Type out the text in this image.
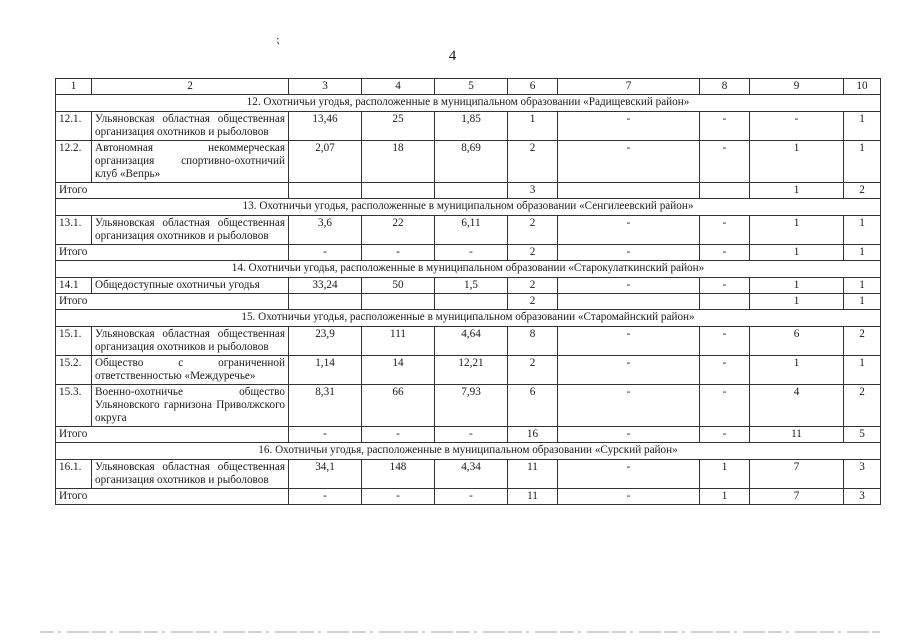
⁏
4
1	2	3	4	5	6	7	8	9	10
12. Охотничьи угодья, расположенные в муниципальном образовании «Радищевский район»									
12.1.	Ульяновская областная общественная организация охотников и рыболовов	13,46	25	1,85	1	-	-	-	1
12.2.	Автономная некоммерческая организация спортивно-охотничий клуб «Вепрь»	2,07	18	8,69	2	-	-	1	1
Итого					3			1	2
13. Охотничьи угодья, расположенные в муниципальном образовании «Сенгилеевский район»									
13.1.	Ульяновская областная общественная организация охотников и рыболовов	3,6	22	6,11	2	-	-	1	1
Итого		-	-	-	2	-	-	1	1
14. Охотничьи угодья, расположенные в муниципальном образовании «Старокулаткинский район»									
14.1	Общедоступные охотничьи угодья	33,24	50	1,5	2	-	-	1	1
Итого					2			1	1
15. Охотничьи угодья, расположенные в муниципальном образовании «Старомайнский район»									
15.1.	Ульяновская областная общественная организация охотников и рыболовов	23,9	111	4,64	8	-	-	6	2
15.2.	Общество с ограниченной ответственностью «Междуречье»	1,14	14	12,21	2	-	-	1	1
15.3.	Военно-охотничье общество Ульяновского гарнизона Приволжского округа	8,31	66	7,93	6	-	-	4	2
Итого		-	-	-	16	-	-	11	5
16. Охотничьи угодья, расположенные в муниципальном образовании «Сурский район»									
16.1.	Ульяновская областная общественная организация охотников и рыболовов	34,1	148	4,34	11	-	1	7	3
Итого		-	-	-	11	-	1	7	3
